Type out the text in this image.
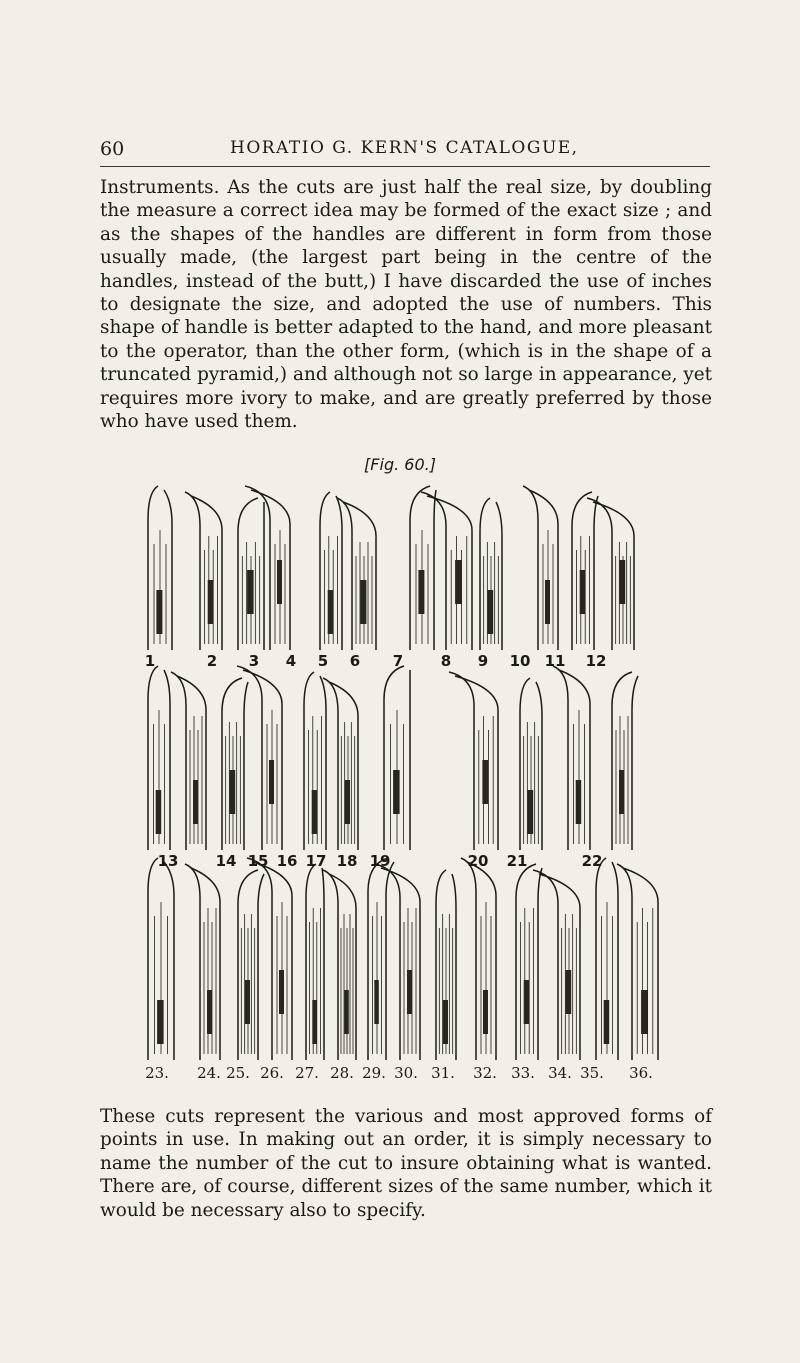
60	HORATIO G. KERN'S CATALOGUE,

Instruments. As the cuts are just half the real size, by doubling the measure a correct idea may be formed of the exact size ; and as the shapes of the handles are different in form from those usually made, (the largest part being in the centre of the handles, instead of the butt,) I have discarded the use of inches to designate the size, and adopted the use of numbers. This shape of handle is better adapted to the hand, and more pleasant to the operator, than the other form, (which is in the shape of a truncated pyramid,) and although not so large in appearance, yet requires more ivory to make, and are greatly preferred by those who have used them.

[Fig. 60.]
1	2 3 4 5 6 7	8 9 10 11 12
13 14 15 16 17 18 19	20 21	22
23. 24. 25. 26. 27. 28. 29. 30. 31. 32. 33. 34. 35. 36.

These cuts represent the various and most approved forms of points in use. In making out an order, it is simply necessary to name the number of the cut to insure obtaining what is wanted. There are, of course, different sizes of the same number, which it would be necessary also to specify.
